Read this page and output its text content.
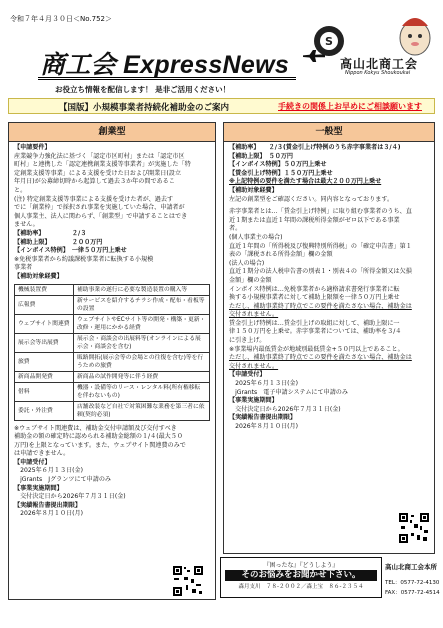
令和７年４月３０日＜No.752＞
商工会 ExpressNews
お役立ち情報を配信します！ 是非ご活用ください！
S
高山北商工会
Nippon Kokyu Shoukoukai
【国版】小規模事業者持続化補助金のご案内	手続きの関係上お早めにご相談願います
創業型
【申請要件】
産業競争力強化法に基づく「認定市区町村」または「認定市区
町村」と連携した「認定連携創業支援等事業者」が実施した「特
定創業支援等事業」による支援を受けた日および開業日(設立
年月日)が公募締切時から起算して過去３か年の間であるこ
と。
(注) 特定創業支援等事業による支援を受けた者が、過去す
でに「創業枠」で採択され事業を実施していた場合、申請者が
個人事業主、法人に関わらず、「創業型」で申請することはでき
ません。
【補助率】　　　　　２/３
【補助上限】　　　　２００万円
【インボイス特例】　一律５０万円上乗せ
※免税事業者から約議課税事業者に転換する小規模
事業者
【補助対象経費】
機械装置費	補助事業の遂行に必要な製造装置の購入等
広報費	新サービスを紹介するチラシ作成・配布・看板等の設置
ウェブサイト関連費	ウェブサイトやECサイト等の開発・構築・更新・改修・運用にかかる経費
展示会等出展費	展示会・商談会の出展料等(オンラインによる展示会・商談会を含む)
旅費	販路開拓(展示会等の会場との往復を含む)等を行うための旅費
新商品開発費	新商品の試作開発等に伴う経費
借料	機器・設備等のリース・レンタル料(所有権移転を伴わないもの)
委託・外注費	店舗改装など自社で対策困難な業務を第三者に依頼(契約必須)
※ウェブサイト関連費は、補助金交付申請額及び交付すべき
補助金の額の確定時に認められる補助金総額の１/４(最大５０
万円)を上限となっています。また、ウェブサイト関連費のみで
は申請できません。
【申請受付】
　2025年６月１３日(金)
　jGrants　Jグランツにて申請のみ
【事業実施期間】
　交付決定日から2026年７月３１日(金)
【実績報告書提出期限】
　2026年８月１０日(月)
一般型
【補助率】　　２/３(賃金引上げ特例のうち赤字事業者は３/４)
【補助上限】　５０万円
【インボイス特例】５０万円上乗せ
【賃金引上げ特例】１５０万円上乗せ
※上記特例の要件を満たす場合は最大２００万円上乗せ
【補助対象経費】
左記の創業型をご確認ください。同内容となっております。
赤字事業者とは…「賃金引上げ特例」に取り組む事業者のうち、直
近１期または直近１年間の課税所得金額がゼロ以下である事業
者。
(個人事業主の場合)
直近１年間の「所得税及び復興特別所得税」の「確定申告書」第１
表の「課税される所得金額」欄の金額
(法人の場合)
直近１期分の法人税申告書の別表１・別表４の「所得金額又は欠損
金額」欄の金額
インボイス特例は…免税事業者から適格請求書発行事業者に転
換する小規模事業者に対して補助上限額を一律５０万円上乗せ
ただし、補助事業終了時点でこの要件を満たさない場合、補助金は
交付されません。
賃金引上げ特例は…賃金引上げの取組に対して、補助上限に一
律１５０万円を上乗せ。赤字事業者については、補助率を３/４
に引き上げ。
※事業場内最低賃金が地域別最低賃金+５０円以上であること。
ただし、補助事業終了時点でこの要件を満たさない場合、補助金は
交付されません。
【申請受付】
　2025年６月１３日(金)
　jGrants　電子申請システムにて申請のみ
【事業実施期間】
　交付決定日から2026年７月３１日(金)
【実績報告書提出期限】
　2026年８月１０日(月)
『困ったな』『どうしよう』
そのお悩みをお聞かせ下さい。
森月支川　７８-２００２／森上宝　８６-２３５４
高山北商工会本所
TEL：0577-72-4130
FAX：0577-72-4514
